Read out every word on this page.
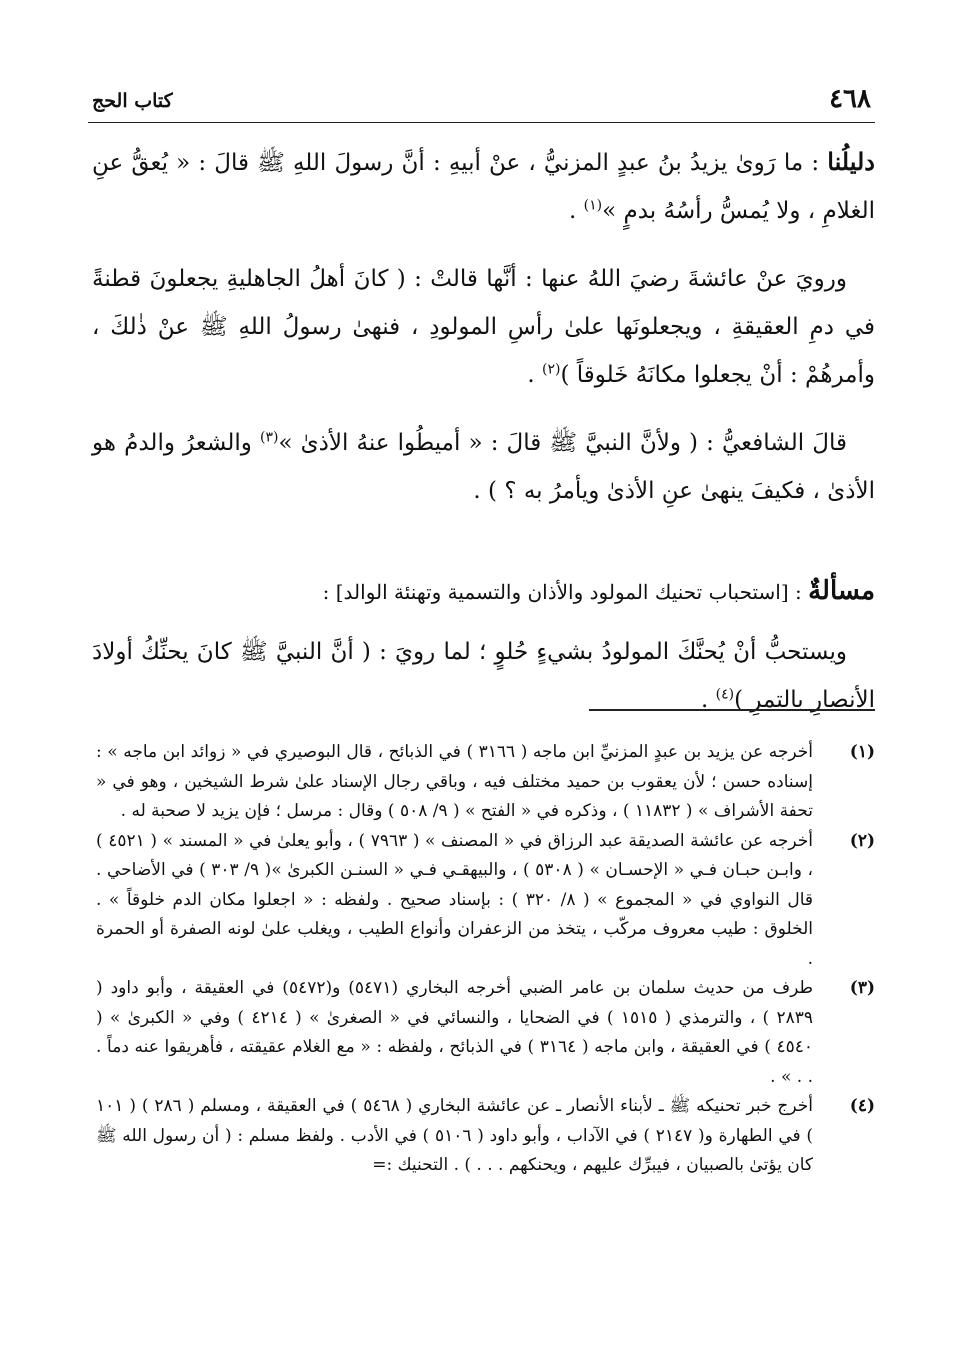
٤٦٨
كتاب الحج

دليلُنا : ما رَوىٰ يزيدُ بنُ عبدٍ المزنيُّ ، عنْ أبيهِ : أنَّ رسولَ اللهِ ﷺ قالَ : « يُعقُّ عنِ الغلامِ ، ولا يُمسُّ رأسُهُ بدمٍ »$^{(١)}$ .

ورويَ عنْ عائشةَ رضيَ اللهُ عنها : أنَّها قالتْ : ( كانَ أهلُ الجاهليةِ يجعلونَ قطنةً في دمِ العقيقةِ ، ويجعلونَها علىٰ رأسِ المولودِ ، فنهىٰ رسولُ اللهِ ﷺ عنْ ذٰلكَ ، وأمرهُمْ : أنْ يجعلوا مكانَهُ خَلوقاً )$^{(٢)}$ .

قالَ الشافعيُّ : ( ولأنَّ النبيَّ ﷺ قالَ : « أميطُوا عنهُ الأذىٰ »$^{(٣)}$ والشعرُ والدمُ هو الأذىٰ ، فكيفَ ينهىٰ عنِ الأذىٰ ويأمرُ به ؟ ) .

مسألةٌ : [استحباب تحنيك المولود والأذان والتسمية وتهنئة الوالد] :

ويستحبُّ أنْ يُحنَّكَ المولودُ بشيءٍ حُلوٍ ؛ لما رويَ : ( أنَّ النبيَّ ﷺ كانَ يحنِّكُ أولادَ الأنصارِ بالتمرِ )$^{(٤)}$ .

(١)
أخرجه عن يزيد بن عبدٍ المزنيِّ ابن ماجه ( ٣١٦٦ ) في الذبائح ، قال البوصيري في « زوائد ابن ماجه » : إسناده حسن ؛ لأن يعقوب بن حميد مختلف فيه ، وباقي رجال الإسناد علىٰ شرط الشيخين ، وهو في « تحفة الأشراف » ( ١١٨٣٢ ) ، وذكره في « الفتح » ( ٩/ ٥٠٨ ) وقال : مرسل ؛ فإن يزيد لا صحبة له .
(٢)
أخرجه عن عائشة الصديقة عبد الرزاق في « المصنف » ( ٧٩٦٣ ) ، وأبو يعلىٰ في « المسند » ( ٤٥٢١ ) ، وابـن حبـان فـي « الإحسـان » ( ٥٣٠٨ ) ، والبيهقـي فـي « السنـن الكبرىٰ »( ٩/ ٣٠٣ ) في الأضاحي . قال النواوي في « المجموع » ( ٨/ ٣٢٠ ) : بإسناد صحيح . ولفظه : « اجعلوا مكان الدم خلوقاً » . الخلوق : طيب معروف مركّب ، يتخذ من الزعفران وأنواع الطيب ، ويغلب علىٰ لونه الصفرة أو الحمرة .
(٣)
طرف من حديث سلمان بن عامر الضبي أخرجه البخاري (٥٤٧١) و(٥٤٧٢) في العقيقة ، وأبو داود ( ٢٨٣٩ ) ، والترمذي ( ١٥١٥ ) في الضحايا ، والنسائي في « الصغرىٰ » ( ٤٢١٤ ) وفي « الكبرىٰ » ( ٤٥٤٠ ) في العقيقة ، وابن ماجه ( ٣١٦٤ ) في الذبائح ، ولفظه : « مع الغلام عقيقته ، فأهريقوا عنه دماً . . . » .
(٤)
أخرج خبر تحنيكه ﷺ ـ لأبناء الأنصار ـ عن عائشة البخاري ( ٥٤٦٨ ) في العقيقة ، ومسلم ( ٢٨٦ ) ( ١٠١ ) في الطهارة و( ٢١٤٧ ) في الآداب ، وأبو داود ( ٥١٠٦ ) في الأدب . ولفظ مسلم : ( أن رسول الله ﷺ كان يؤتىٰ بالصبيان ، فيبرِّك عليهم ، ويحنكهم . . . ) . التحنيك :=
